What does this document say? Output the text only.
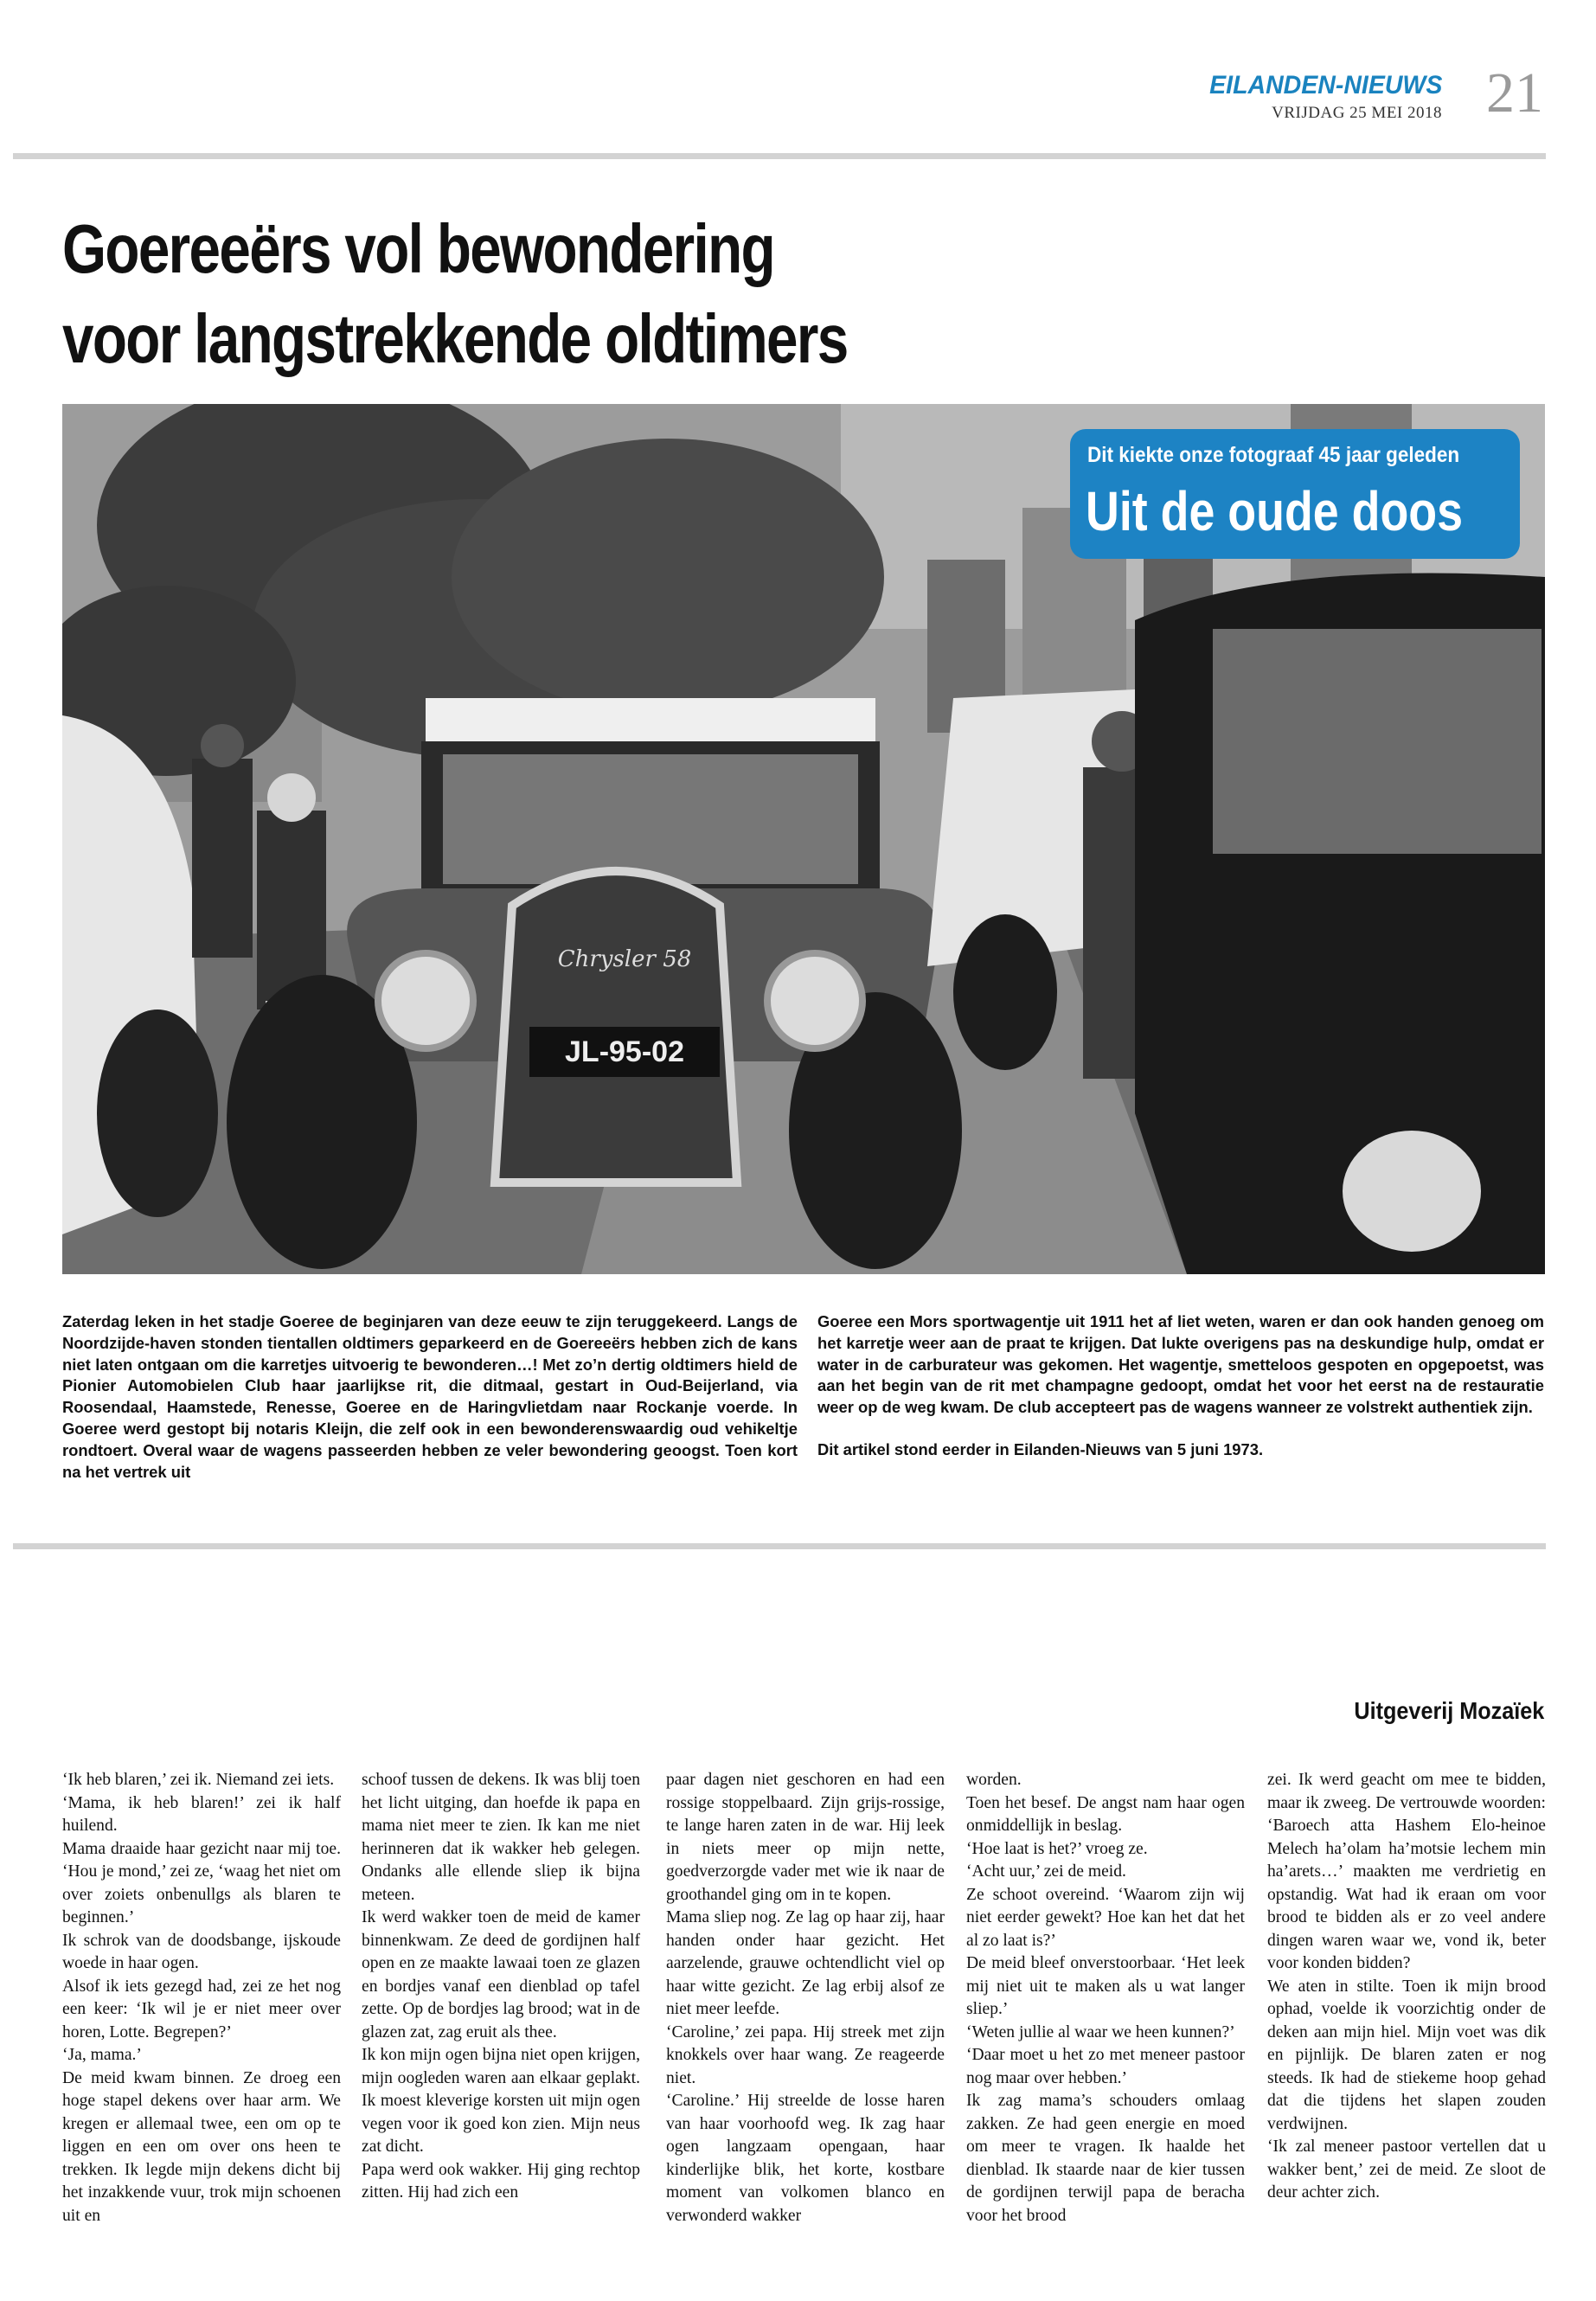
EILANDEN-NIEUWS
VRIJDAG 25 MEI 2018 21
Goereeërs vol bewondering
voor langstrekkende oldtimers
JL-95-02
Chrysler 58
Dit kiekte onze fotograaf 45 jaar geleden
Uit de oude doos

Zaterdag leken in het stadje Goeree de beginjaren van deze eeuw te zijn teruggekeerd. Langs de Noordzijde-haven stonden tientallen oldtimers geparkeerd en de Goereeërs hebben zich de kans niet laten ontgaan om die karretjes uitvoerig te bewonderen…! Met zo’n dertig oldtimers hield de Pionier Automobielen Club haar jaarlijkse rit, die ditmaal, gestart in Oud-Beijerland, via Roosendaal, Haamstede, Renesse, Goeree en de Haringvlietdam naar Rockanje voerde. In Goeree werd gestopt bij notaris Kleijn, die zelf ook in een bewonderenswaardig oud vehikeltje rondtoert. Overal waar de wagens passeerden hebben ze veler bewondering geoogst. Toen kort na het vertrek uit

Goeree een Mors sportwagentje uit 1911 het af liet weten, waren er dan ook handen genoeg om het karretje weer aan de praat te krijgen. Dat lukte overigens pas na deskundige hulp, omdat er water in de carburateur was gekomen. Het wagentje, smetteloos gespoten en opgepoetst, was aan het begin van de rit met champagne gedoopt, omdat het voor het eerst na de restauratie weer op de weg kwam. De club accepteert pas de wagens wanneer ze volstrekt authentiek zijn.

Dit artikel stond eerder in Eilanden-Nieuws van 5 juni 1973.

Uitgeverij Mozaïek
‘Ik heb blaren,’ zei ik. Niemand zei iets.
‘Mama, ik heb blaren!’ zei ik half huilend.
Mama draaide haar gezicht naar mij toe. ‘Hou je mond,’ zei ze, ‘waag het niet om over zoiets onbenullgs als blaren te beginnen.’
Ik schrok van de doodsbange, ijskoude woede in haar ogen.
Alsof ik iets gezegd had, zei ze het nog een keer: ‘Ik wil je er niet meer over horen, Lotte. Begrepen?’
‘Ja, mama.’
De meid kwam binnen. Ze droeg een hoge stapel dekens over haar arm. We kregen er allemaal twee, een om op te liggen en een om over ons heen te trekken. Ik legde mijn dekens dicht bij het inzakkende vuur, trok mijn schoenen uit en
schoof tussen de dekens. Ik was blij toen het licht uitging, dan hoefde ik papa en mama niet meer te zien. Ik kan me niet herinneren dat ik wakker heb gelegen. Ondanks alle ellende sliep ik bijna meteen.
Ik werd wakker toen de meid de kamer binnenkwam. Ze deed de gordijnen half open en ze maakte lawaai toen ze glazen en bordjes vanaf een dienblad op tafel zette. Op de bordjes lag brood; wat in de glazen zat, zag eruit als thee.
Ik kon mijn ogen bijna niet open krijgen, mijn oogleden waren aan elkaar geplakt. Ik moest kleverige korsten uit mijn ogen vegen voor ik goed kon zien. Mijn neus zat dicht.
Papa werd ook wakker. Hij ging rechtop zitten. Hij had zich een
paar dagen niet geschoren en had een rossige stoppelbaard. Zijn grijs-rossige, te lange haren zaten in de war. Hij leek in niets meer op mijn nette, goedverzorgde vader met wie ik naar de groothandel ging om in te kopen.
Mama sliep nog. Ze lag op haar zij, haar handen onder haar gezicht. Het aarzelende, grauwe ochtendlicht viel op haar witte gezicht. Ze lag erbij alsof ze niet meer leefde.
‘Caroline,’ zei papa. Hij streek met zijn knokkels over haar wang. Ze reageerde niet.
‘Caroline.’ Hij streelde de losse haren van haar voorhoofd weg. Ik zag haar ogen langzaam opengaan, haar kinderlijke blik, het korte, kostbare moment van volkomen blanco en verwonderd wakker
worden.
Toen het besef. De angst nam haar ogen onmiddellijk in beslag.
‘Hoe laat is het?’ vroeg ze.
‘Acht uur,’ zei de meid.
Ze schoot overeind. ‘Waarom zijn wij niet eerder gewekt? Hoe kan het dat het al zo laat is?’
De meid bleef onverstoorbaar. ‘Het leek mij niet uit te maken als u wat langer sliep.’
‘Weten jullie al waar we heen kunnen?’
‘Daar moet u het zo met meneer pastoor nog maar over hebben.’
Ik zag mama’s schouders omlaag zakken. Ze had geen energie en moed om meer te vragen. Ik haalde het dienblad. Ik staarde naar de kier tussen de gordijnen terwijl papa de beracha voor het brood
zei. Ik werd geacht om mee te bidden, maar ik zweeg. De vertrouwde woorden: ‘Baroech atta Hashem Elo-heinoe Melech ha’olam ha’motsie lechem min ha’arets…’ maakten me verdrietig en opstandig. Wat had ik eraan om voor brood te bidden als er zo veel andere dingen waren waar we, vond ik, beter voor konden bidden?
We aten in stilte. Toen ik mijn brood ophad, voelde ik voorzichtig onder de deken aan mijn hiel. Mijn voet was dik en pijnlijk. De blaren zaten er nog steeds. Ik had de stiekeme hoop gehad dat die tijdens het slapen zouden verdwijnen.
‘Ik zal meneer pastoor vertellen dat u wakker bent,’ zei de meid. Ze sloot de deur achter zich.
